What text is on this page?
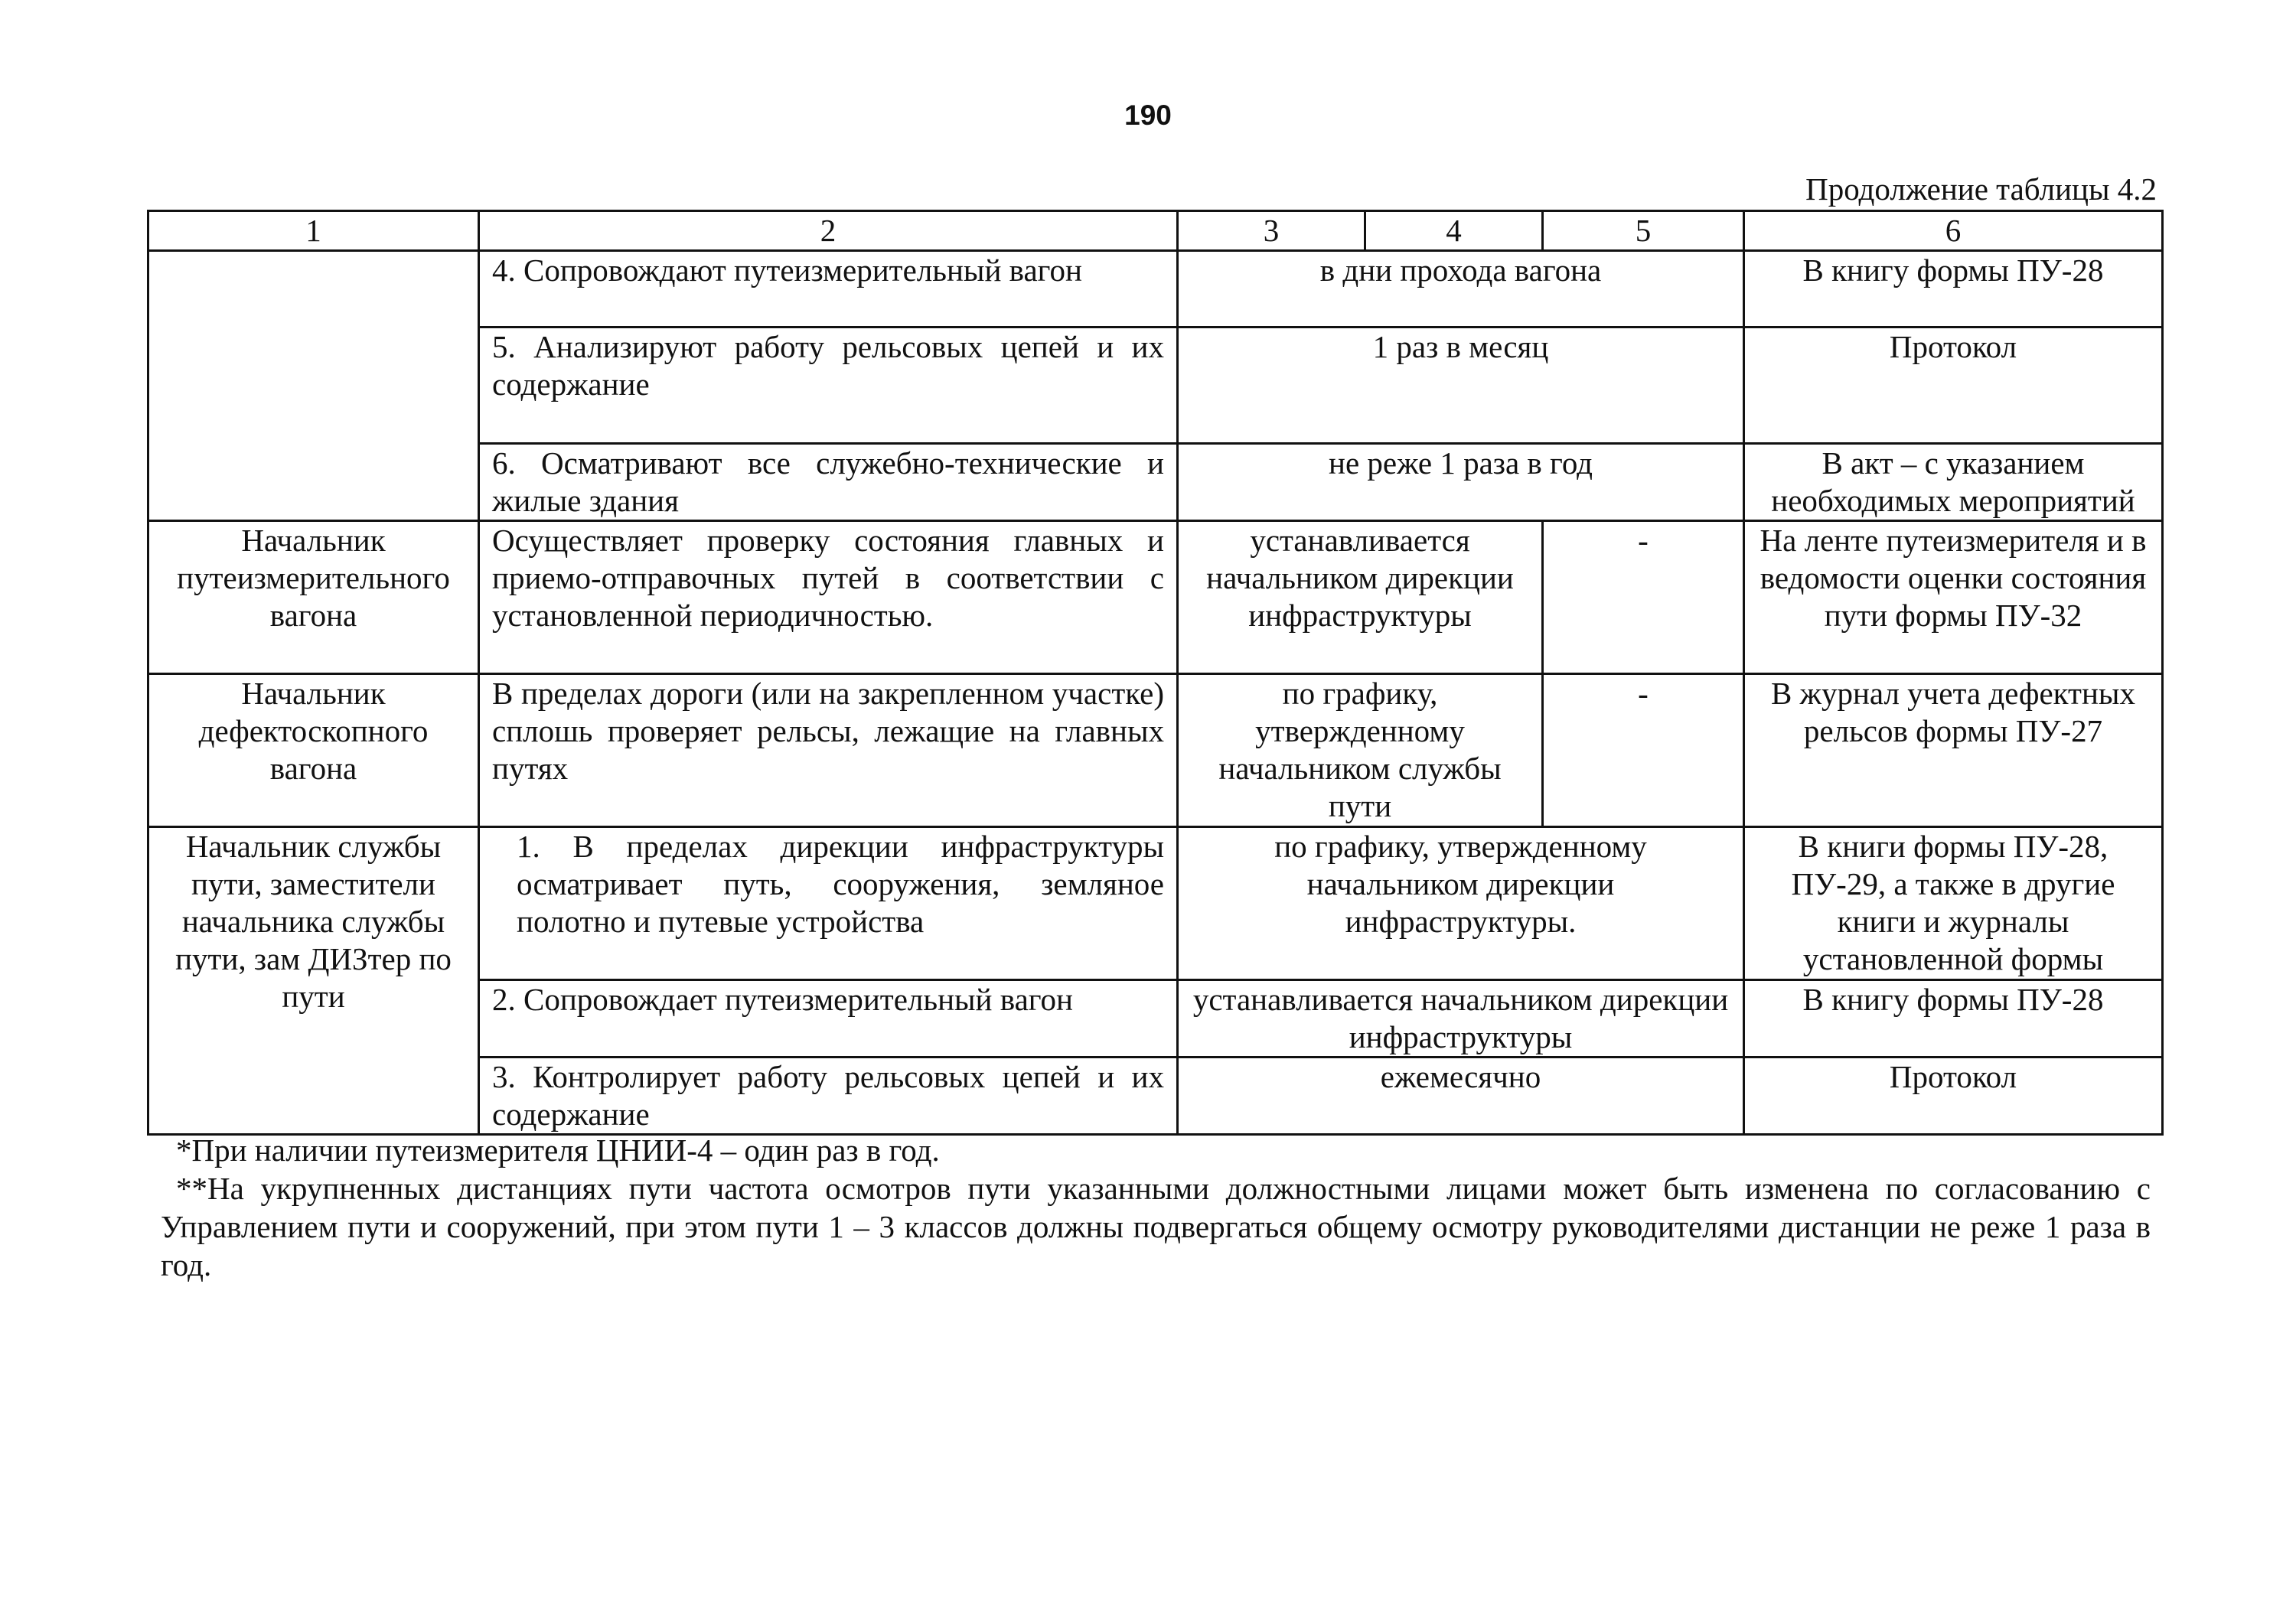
190
Продолжение таблицы 4.2
1	2	3	4	5	6
	4. Сопровождают путеизмерительный вагон	в дни прохода вагона			В книгу формы ПУ-28
	5. Анализируют работу рельсовых цепей и их содержание	1 раз в месяц			Протокол
	6. Осматривают все служебно-технические и жилые здания	не реже 1 раза в год			В акт – с указанием необходимых мероприятий
Начальник путеизмерительного вагона	Осуществляет проверку состояния главных и приемо-отправочных путей в соответствии с установленной периодичностью.	устанавливается начальником дирекции инфраструктуры		-	На ленте путеизмерителя и в ведомости оценки состояния пути формы ПУ-32
Начальник дефектоскопного вагона	В пределах дороги (или на закрепленном участке) сплошь проверяет рельсы, лежащие на главных путях	по графику, утвержденному начальником службы пути		-	В журнал учета дефектных рельсов формы ПУ-27
Начальник службы пути, заместители начальника службы пути, зам ДИЗтер по пути	1. В пределах дирекции инфраструктуры осматривает путь, сооружения, земляное полотно и путевые устройства	по графику, утвержденному начальником дирекции инфраструктуры.			В книги формы ПУ-28, ПУ-29, а также в другие книги и журналы установленной формы
	2. Сопровождает путеизмерительный вагон	устанавливается начальником дирекции инфраструктуры			В книгу формы ПУ-28
	3. Контролирует работу рельсовых цепей и их содержание	ежемесячно			Протокол

*При наличии путеизмерителя ЦНИИ-4 – один раз в год.

**На укрупненных дистанциях пути частота осмотров пути указанными должностными лицами может быть изменена по согласованию с Управлением пути и сооружений, при этом пути 1 – 3 классов должны подвергаться общему осмотру руководителями дистанции не реже 1 раза в год.
